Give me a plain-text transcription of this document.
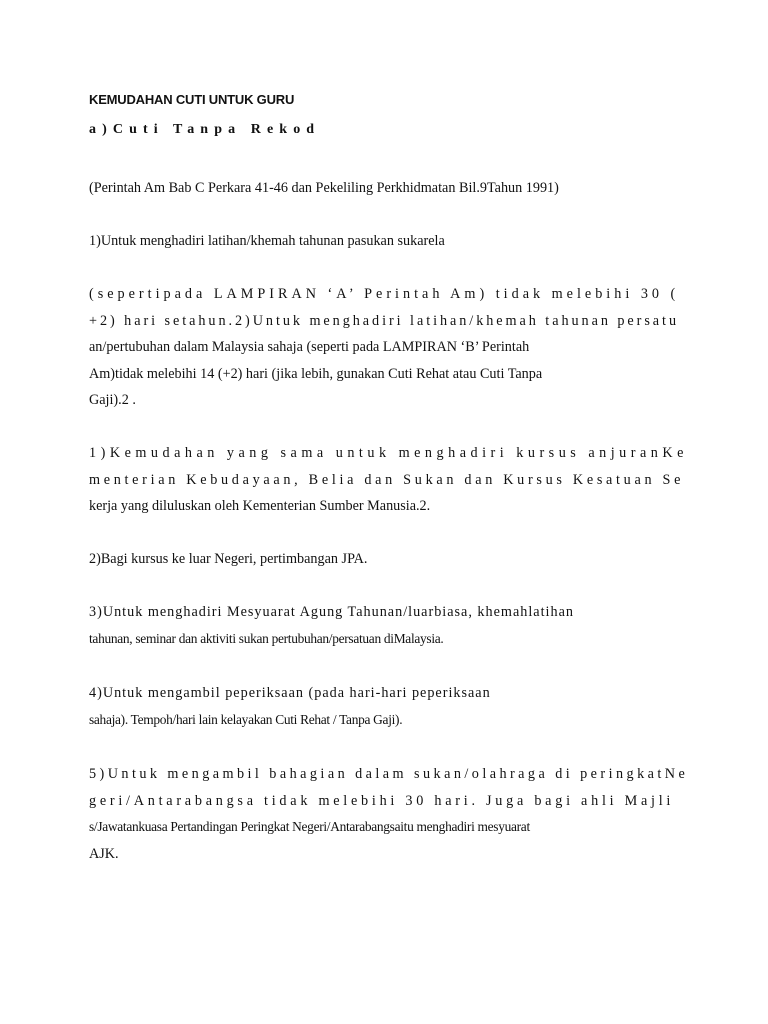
KEMUDAHAN CUTI UNTUK GURU
a)Cuti Tanpa Rekod
(Perintah Am Bab C Perkara 41-46 dan Pekeliling Perkhidmatan Bil.9Tahun 1991)
1)Untuk menghadiri latihan/khemah tahunan pasukan sukarela
(sepertipada LAMPIRAN ‘A’ Perintah Am) tidak melebihi 30 (
+2) hari setahun.2)Untuk menghadiri latihan/khemah tahunan persatu
an/pertubuhan dalam Malaysia sahaja (seperti pada LAMPIRAN ‘B’ Perintah
Am)tidak melebihi 14 (+2) hari (jika lebih, gunakan Cuti Rehat atau Cuti Tanpa
Gaji).2 .
1)Kemudahan yang sama untuk menghadiri kursus anjuranKe
menterian Kebudayaan, Belia dan Sukan dan Kursus Kesatuan Se
kerja yang diluluskan oleh Kementerian Sumber Manusia.2.
2)Bagi kursus ke luar Negeri, pertimbangan JPA.
3)Untuk menghadiri Mesyuarat Agung Tahunan/luarbiasa, khemahlatihan
tahunan, seminar dan aktiviti sukan pertubuhan/persatuan diMalaysia.
4)Untuk mengambil peperiksaan (pada hari-hari peperiksaan
sahaja). Tempoh/hari lain kelayakan Cuti Rehat / Tanpa Gaji).
5)Untuk mengambil bahagian dalam sukan/olahraga di peringkatNe
geri/Antarabangsa tidak melebihi 30 hari. Juga bagi ahli Majli
s/Jawatankuasa Pertandingan Peringkat Negeri/Antarabangsaitu menghadiri mesyuarat
AJK.
